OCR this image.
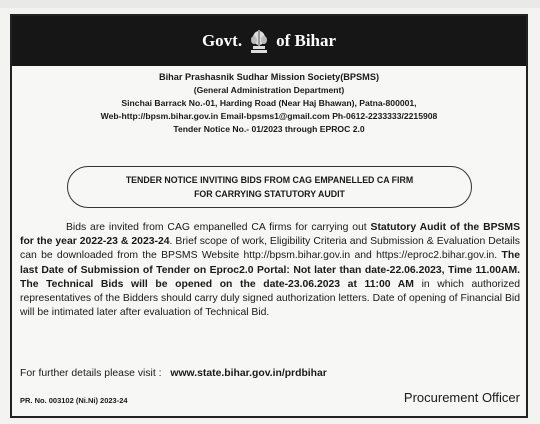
Govt. of Bihar
Bihar Prashasnik Sudhar Mission Society(BPSMS)
(General Administration Department)
Sinchai Barrack No.-01, Harding Road (Near Haj Bhawan), Patna-800001,
Web-http://bpsm.bihar.gov.in Email-bpsms1@gmail.com Ph-0612-2233333/2215908
Tender Notice No.- 01/2023 through EPROC 2.0
TENDER NOTICE INVITING BIDS FROM CAG EMPANELLED CA FIRM
FOR CARRYING STATUTORY AUDIT

Bids are invited from CAG empanelled CA firms for carrying out Statutory Audit of the BPSMS for the year 2022-23 & 2023-24. Brief scope of work, Eligibility Criteria and Submission & Evaluation Details can be downloaded from the BPSMS Website http://bpsm.bihar.gov.in and https://eproc2.bihar.gov.in. The last Date of Submission of Tender on Eproc2.0 Portal: Not later than date-22.06.2023, Time 11.00AM. The Technical Bids will be opened on the date-23.06.2023 at 11:00 AM in which authorized representatives of the Bidders should carry duly signed authorization letters. Date of opening of Financial Bid will be intimated later after evaluation of Technical Bid.

For further details please visit : www.state.bihar.gov.in/prdbihar
PR. No. 003102 (Ni.Ni) 2023-24	Procurement Officer
